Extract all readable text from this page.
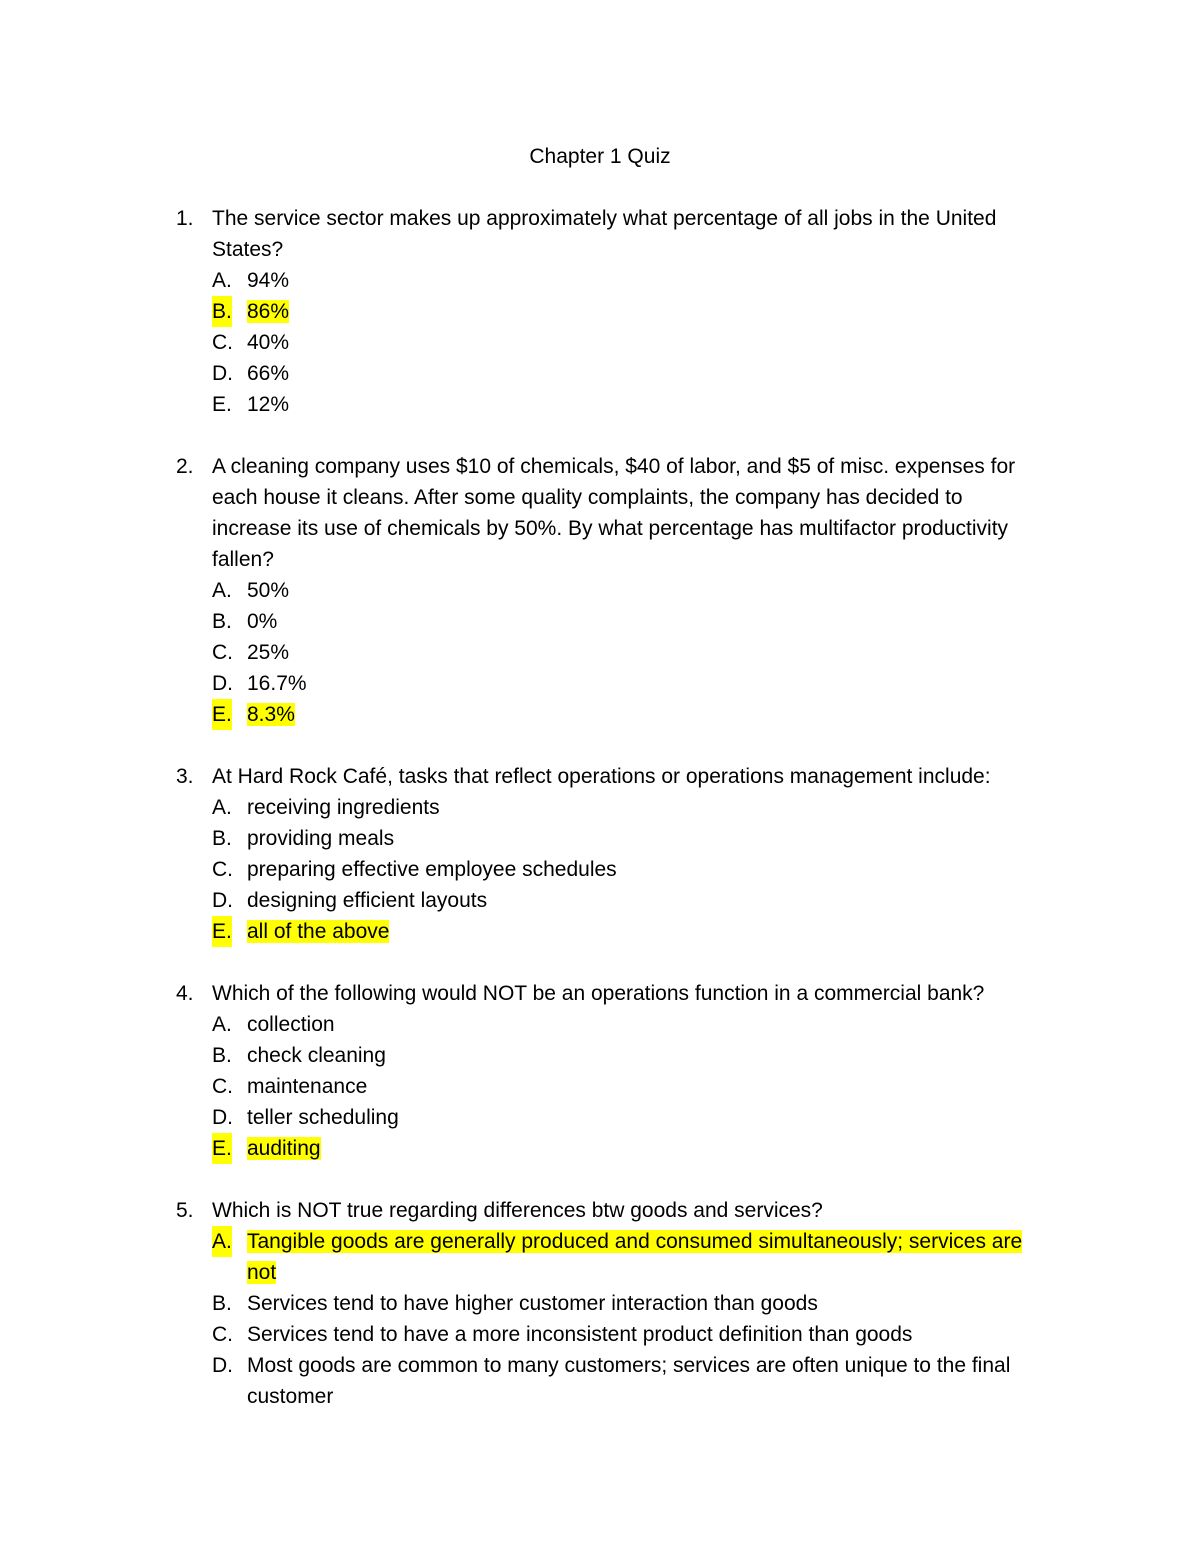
Chapter 1 Quiz
1. The service sector makes up approximately what percentage of all jobs in the United States?
A. 94%
B. 86%
C. 40%
D. 66%
E. 12%
2. A cleaning company uses $10 of chemicals, $40 of labor, and $5 of misc. expenses for each house it cleans. After some quality complaints, the company has decided to increase its use of chemicals by 50%. By what percentage has multifactor productivity fallen?
A. 50%
B. 0%
C. 25%
D. 16.7%
E. 8.3%
3. At Hard Rock Café, tasks that reflect operations or operations management include:
A. receiving ingredients
B. providing meals
C. preparing effective employee schedules
D. designing efficient layouts
E. all of the above
4. Which of the following would NOT be an operations function in a commercial bank?
A. collection
B. check cleaning
C. maintenance
D. teller scheduling
E. auditing
5. Which is NOT true regarding differences btw goods and services?
A. Tangible goods are generally produced and consumed simultaneously; services are not
B. Services tend to have higher customer interaction than goods
C. Services tend to have a more inconsistent product definition than goods
D. Most goods are common to many customers; services are often unique to the final customer
